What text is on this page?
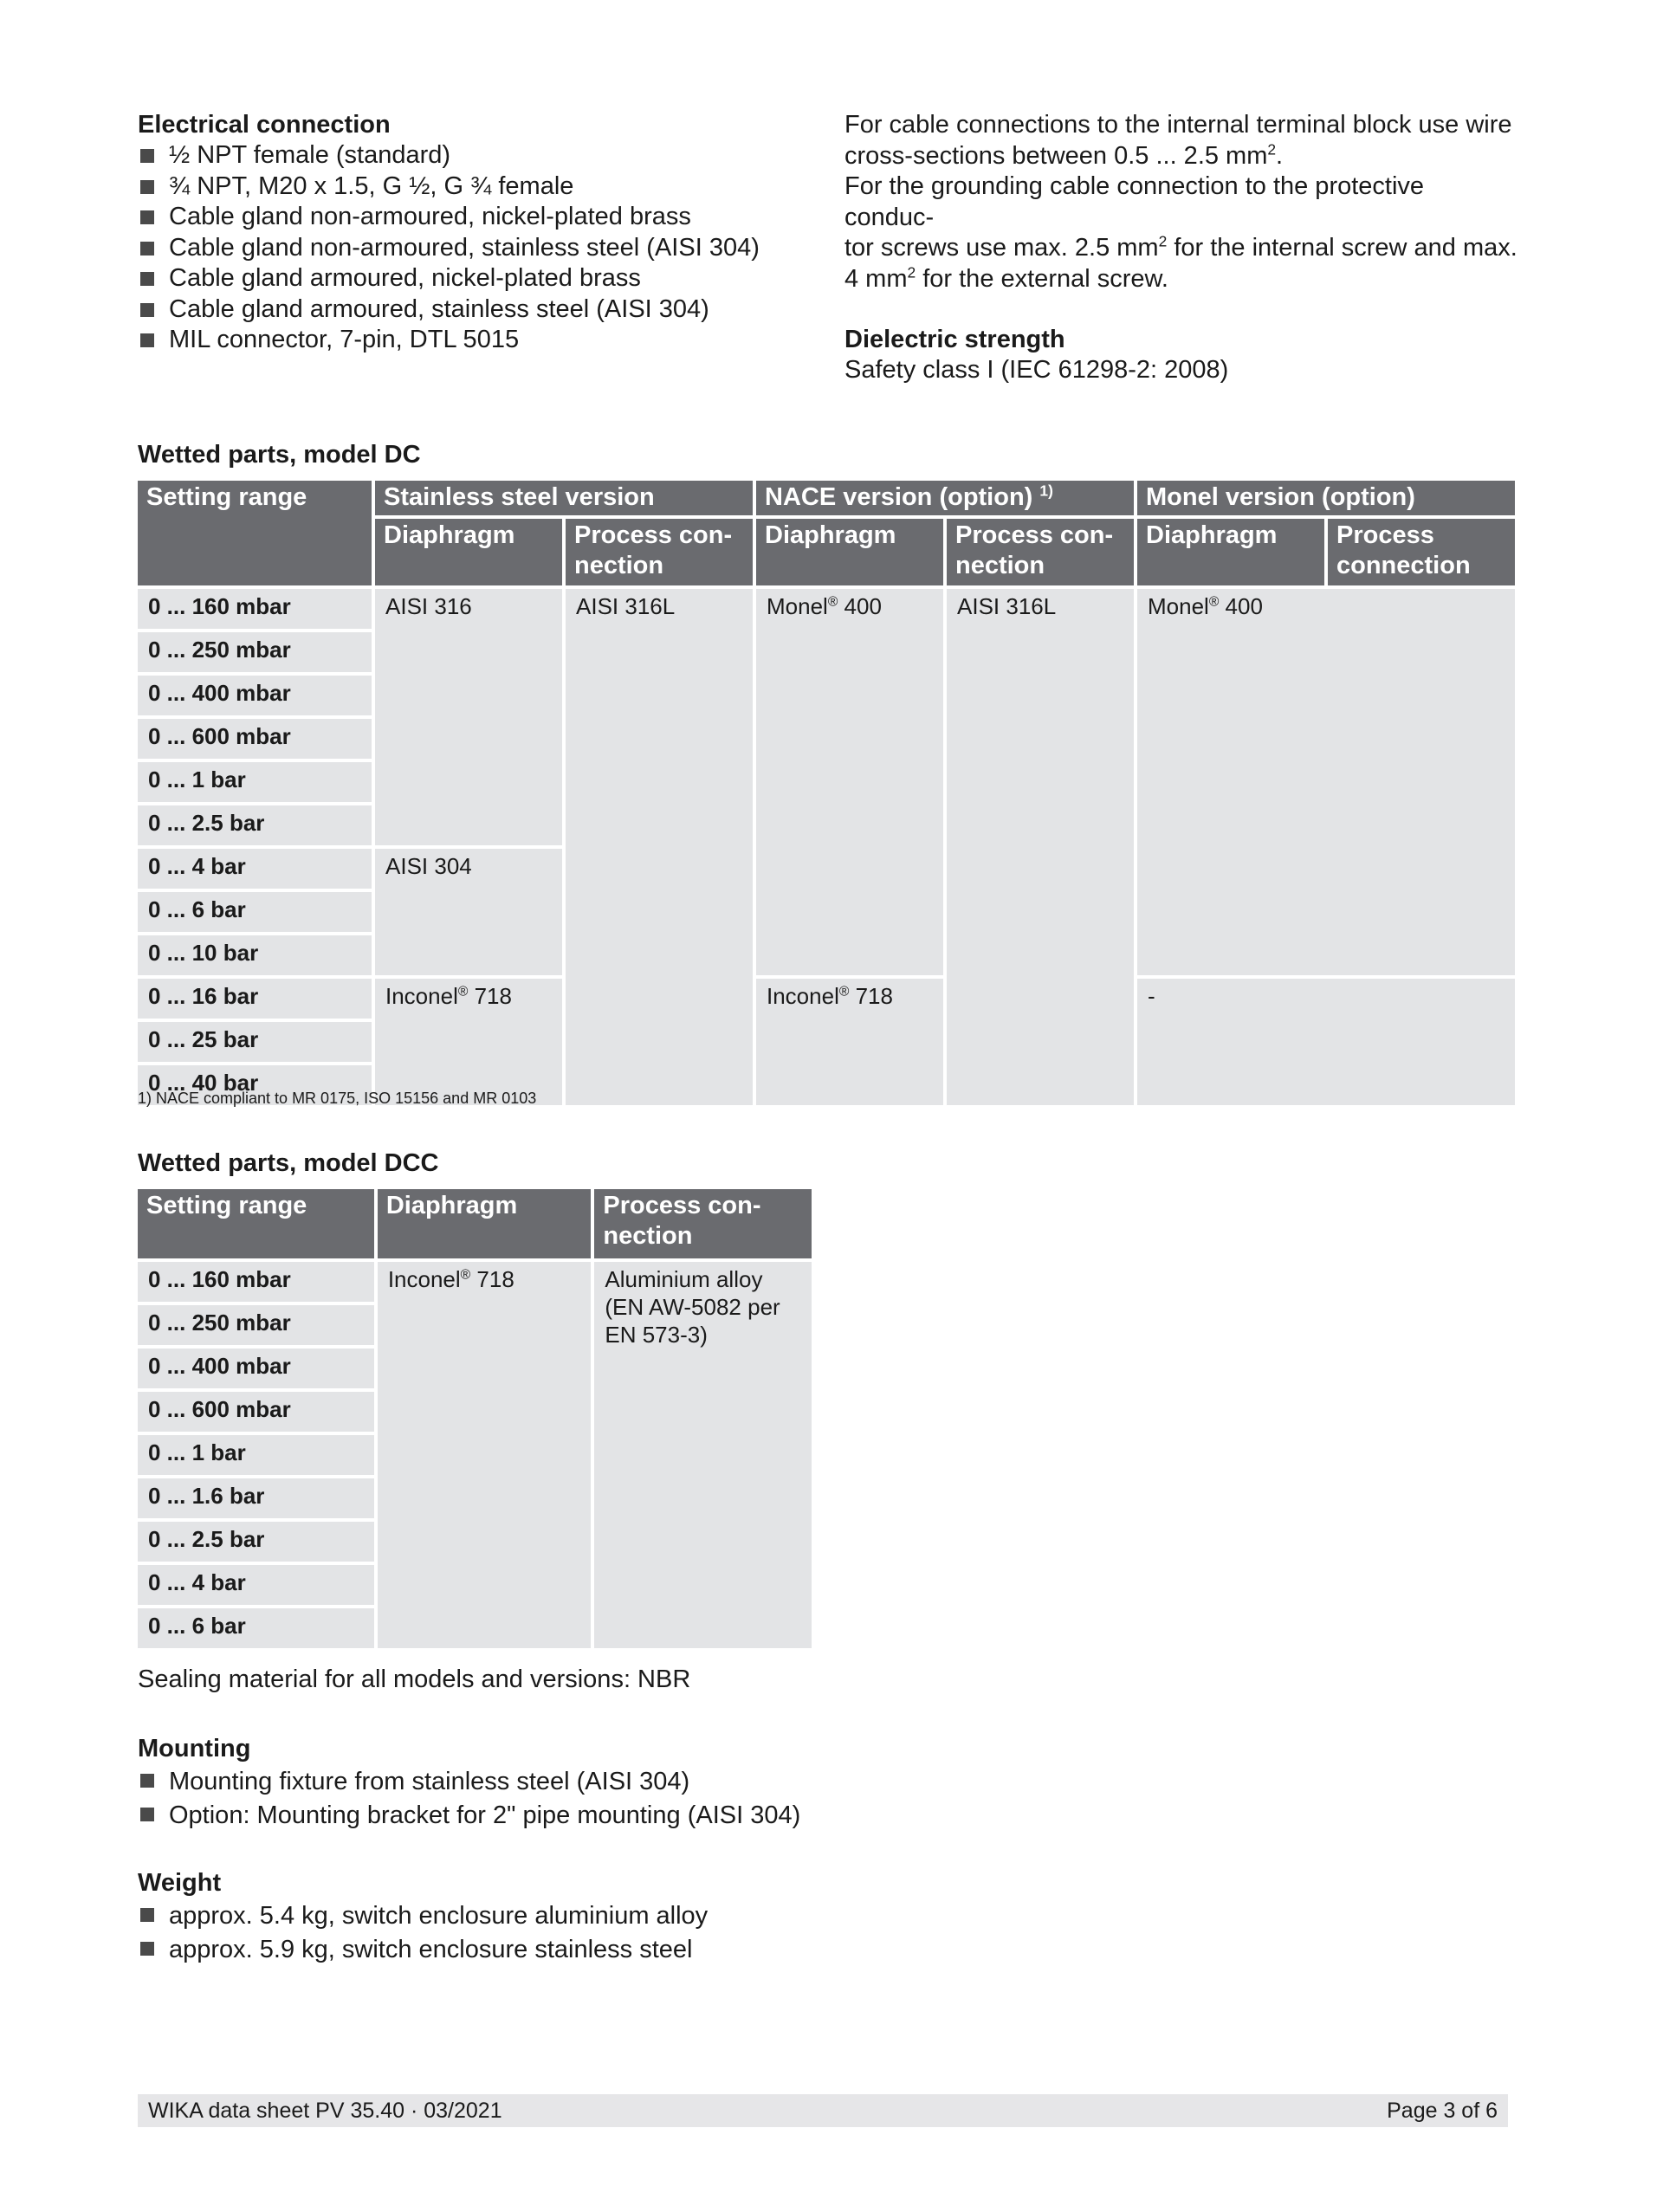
Electrical connection
½ NPT female (standard)
¾ NPT, M20 x 1.5, G ½, G ¾ female
Cable gland non-armoured, nickel-plated brass
Cable gland non-armoured, stainless steel (AISI 304)
Cable gland armoured, nickel-plated brass
Cable gland armoured, stainless steel (AISI 304)
MIL connector, 7-pin, DTL 5015
For cable connections to the internal terminal block use wire
cross-sections between 0.5 ... 2.5 $mm^2$.
For the grounding cable connection to the protective conduc-
tor screws use max. 2.5 $mm^2$ for the internal screw and max.
4 $mm^2$ for the external screw.
Dielectric strength
Safety class I (IEC 61298-2: 2008)
Wetted parts, model DC
Setting range	Stainless steel version		NACE version (option) $^{1)}$		Monel version (option)	
	Diaphragm	Process con-nection	Diaphragm	Process con-nection	Diaphragm	Process connection
0 ... 160 mbar	AISI 316	AISI 316L	Monel® 400	AISI 316L	Monel® 400	
0 ... 250 mbar						
0 ... 400 mbar						
0 ... 600 mbar						
0 ... 1 bar						
0 ... 2.5 bar						
0 ... 4 bar	AISI 304					
0 ... 6 bar						
0 ... 10 bar						
0 ... 16 bar	Inconel® 718		Inconel® 718		-	
0 ... 25 bar						
0 ... 40 bar						
1) NACE compliant to MR 0175, ISO 15156 and MR 0103
Wetted parts, model DCC
Setting range	Diaphragm	Process con-nection
0 ... 160 mbar	Inconel® 718	Aluminium alloy (EN AW-5082 per EN 573-3)
0 ... 250 mbar		
0 ... 400 mbar		
0 ... 600 mbar		
0 ... 1 bar		
0 ... 1.6 bar		
0 ... 2.5 bar		
0 ... 4 bar		
0 ... 6 bar		
Sealing material for all models and versions: NBR
Mounting
Mounting fixture from stainless steel (AISI 304)
Option: Mounting bracket for 2" pipe mounting (AISI 304)
Weight
approx. 5.4 kg, switch enclosure aluminium alloy
approx. 5.9 kg, switch enclosure stainless steel
WIKA data sheet PV 35.40 · 03/2021	Page 3 of 6
